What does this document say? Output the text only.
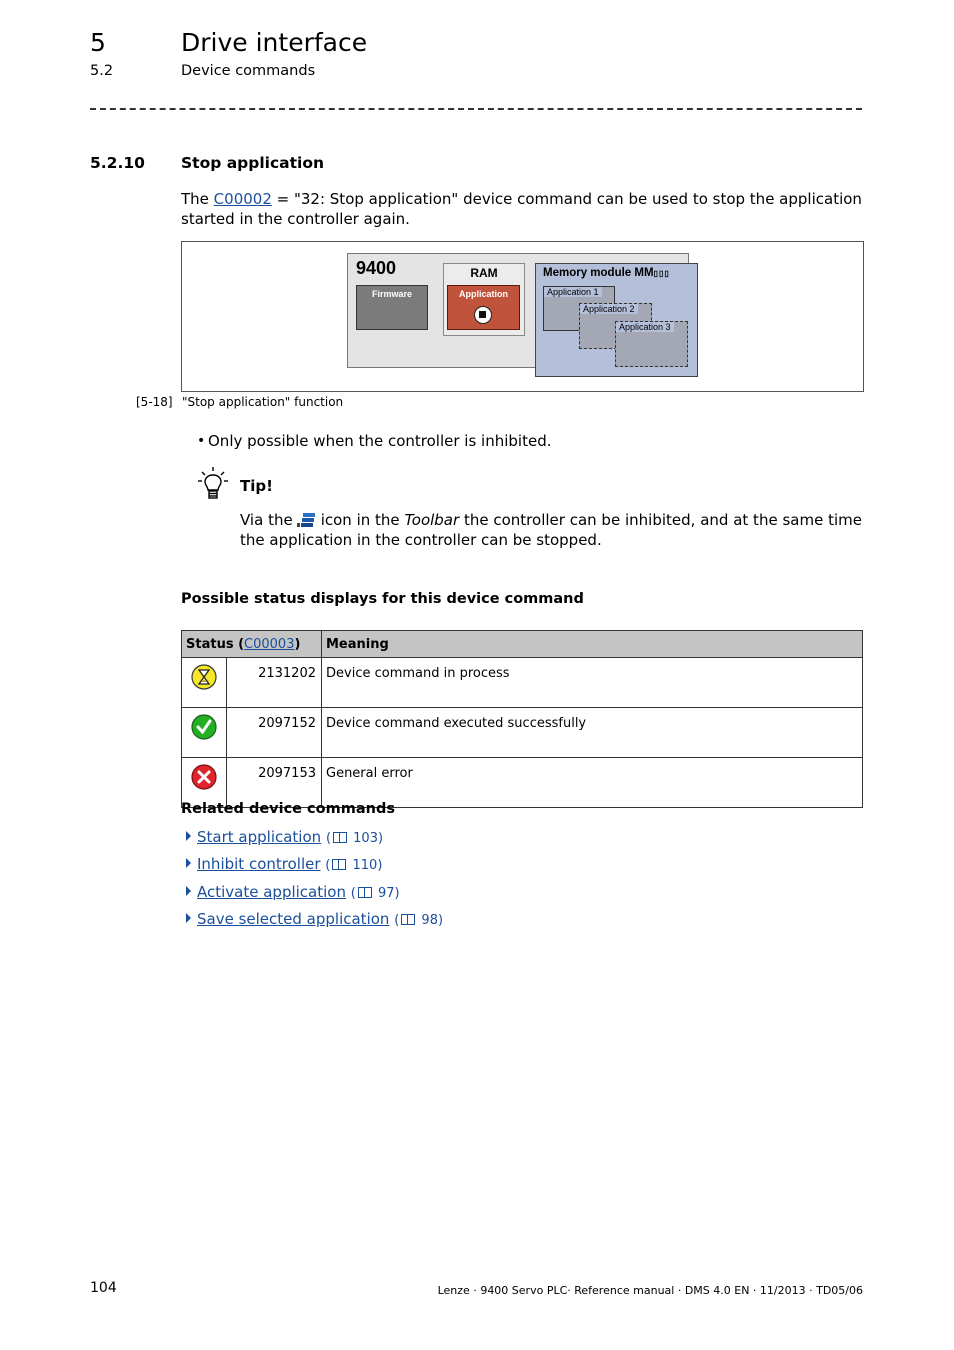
5	Drive interface
5.2	Device commands
5.2.10 Stop application
The C00002 = "32: Stop application" device command can be used to stop the application started in the controller again.
9400
Firmware
RAM
Application
Memory module MM▯▯▯
Application 1
Application 2
Application 3
[5-18] "Stop application" function
• Only possible when the controller is inhibited.
Tip!
Via the icon in the Toolbar the controller can be inhibited, and at the same time the application in the controller can be stopped.
Possible status displays for this device command
Status (C00003)		Meaning
	2131202	Device command in process
	2097152	Device command executed successfully
	2097153	General error
Related device commands
Start application ( 103)
Inhibit controller ( 110)
Activate application ( 97)
Save selected application ( 98)
104	Lenze · 9400 Servo PLC· Reference manual · DMS 4.0 EN · 11/2013 · TD05/06
